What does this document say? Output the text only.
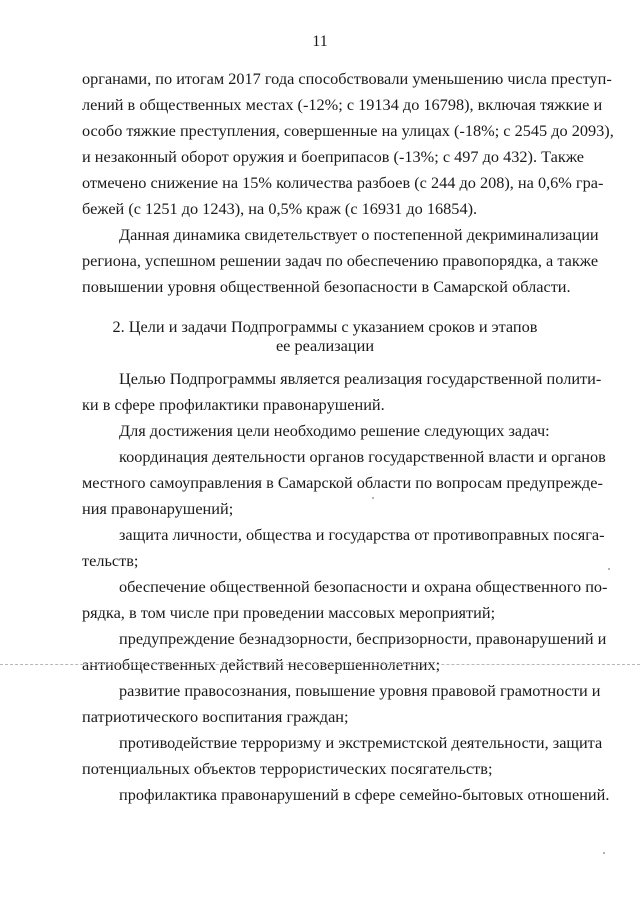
11
органами, по итогам 2017 года способствовали уменьшению числа преступ-
лений в общественных местах (-12%; с 19134 до 16798), включая тяжкие и
особо тяжкие преступления, совершенные на улицах (-18%; с 2545 до 2093),
и незаконный оборот оружия и боеприпасов (-13%; с 497 до 432). Также
отмечено снижение на 15% количества разбоев (с 244 до 208), на 0,6% гра-
бежей (с 1251 до 1243), на 0,5% краж (с 16931 до 16854).
Данная динамика свидетельствует о постепенной декриминализации
региона, успешном решении задач по обеспечению правопорядка, а также
повышении уровня общественной безопасности в Самарской области.
2. Цели и задачи Подпрограммы с указанием сроков и этапов
ее реализации
Целью Подпрограммы является реализация государственной полити-
ки в сфере профилактики правонарушений.
Для достижения цели необходимо решение следующих задач:
координация деятельности органов государственной власти и органов
местного самоуправления в Самарской области по вопросам предупрежде-
ния правонарушений;
защита личности, общества и государства от противоправных посяга-
тельств;
обеспечение общественной безопасности и охрана общественного по-
рядка, в том числе при проведении массовых мероприятий;
предупреждение безнадзорности, беспризорности, правонарушений и
антиобщественных действий несовершеннолетних;
развитие правосознания, повышение уровня правовой грамотности и
патриотического воспитания граждан;
противодействие терроризму и экстремистской деятельности, защита
потенциальных объектов террористических посягательств;
профилактика правонарушений в сфере семейно-бытовых отношений.
